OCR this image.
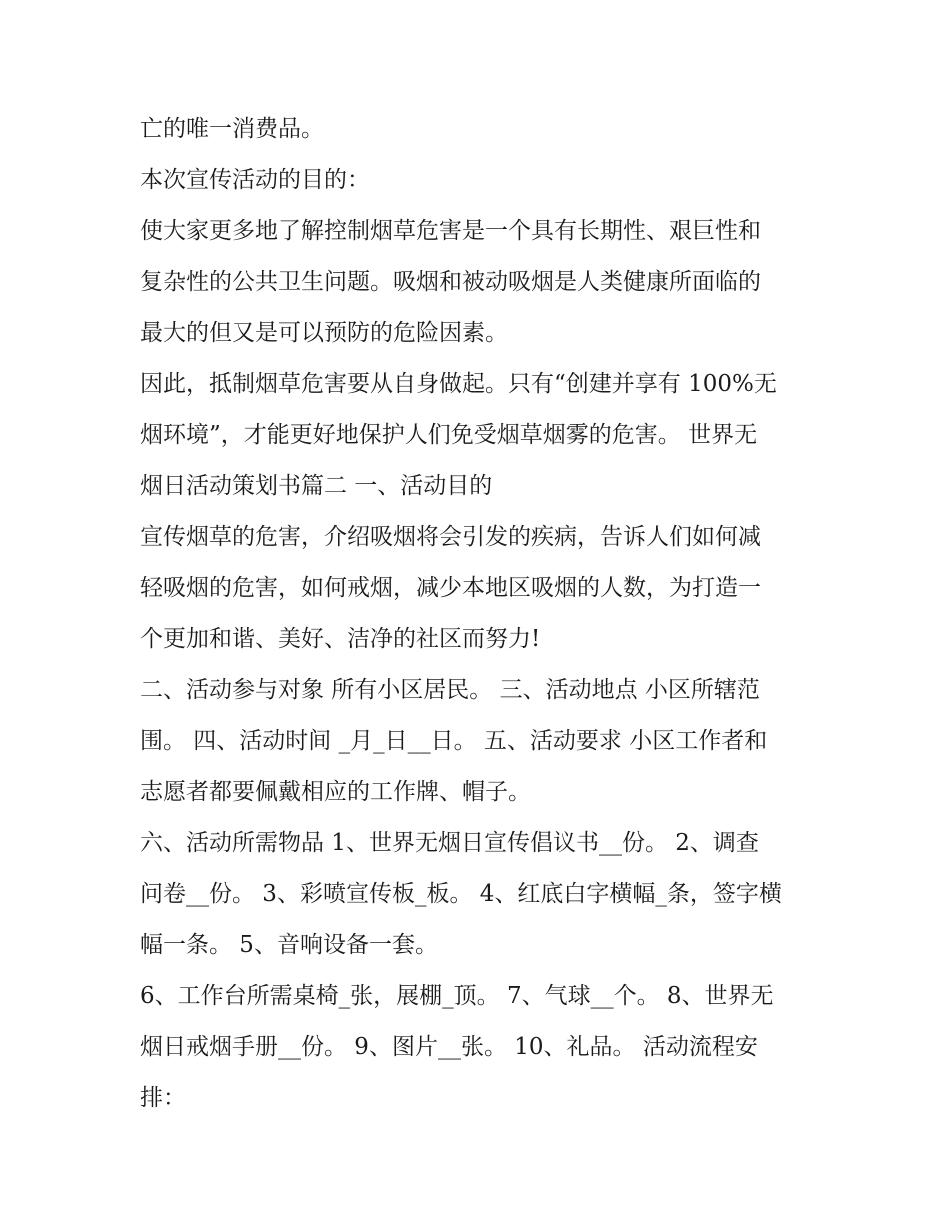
亡的唯一消费品。
本次宣传活动的目的：
使大家更多地了解控制烟草危害是一个具有长期性、艰巨性和
复杂性的公共卫生问题。吸烟和被动吸烟是人类健康所面临的
最大的但又是可以预防的危险因素。
因此，抵制烟草危害要从自身做起。只有“创建并享有 100%无
烟环境”，才能更好地保护人们免受烟草烟雾的危害。 世界无
烟日活动策划书篇二 一、活动目的
宣传烟草的危害，介绍吸烟将会引发的疾病，告诉人们如何减
轻吸烟的危害，如何戒烟，减少本地区吸烟的人数，为打造一
个更加和谐、美好、洁净的社区而努力!
二、活动参与对象 所有小区居民。 三、活动地点 小区所辖范
围。 四、活动时间 _月_日__日。 五、活动要求 小区工作者和
志愿者都要佩戴相应的工作牌、帽子。
六、活动所需物品 1、世界无烟日宣传倡议书__份。 2、调查
问卷__份。 3、彩喷宣传板_板。 4、红底白字横幅_条，签字横
幅一条。 5、音响设备一套。
6、工作台所需桌椅_张，展棚_顶。 7、气球__个。 8、世界无
烟日戒烟手册__份。 9、图片__张。 10、礼品。 活动流程安
排：
